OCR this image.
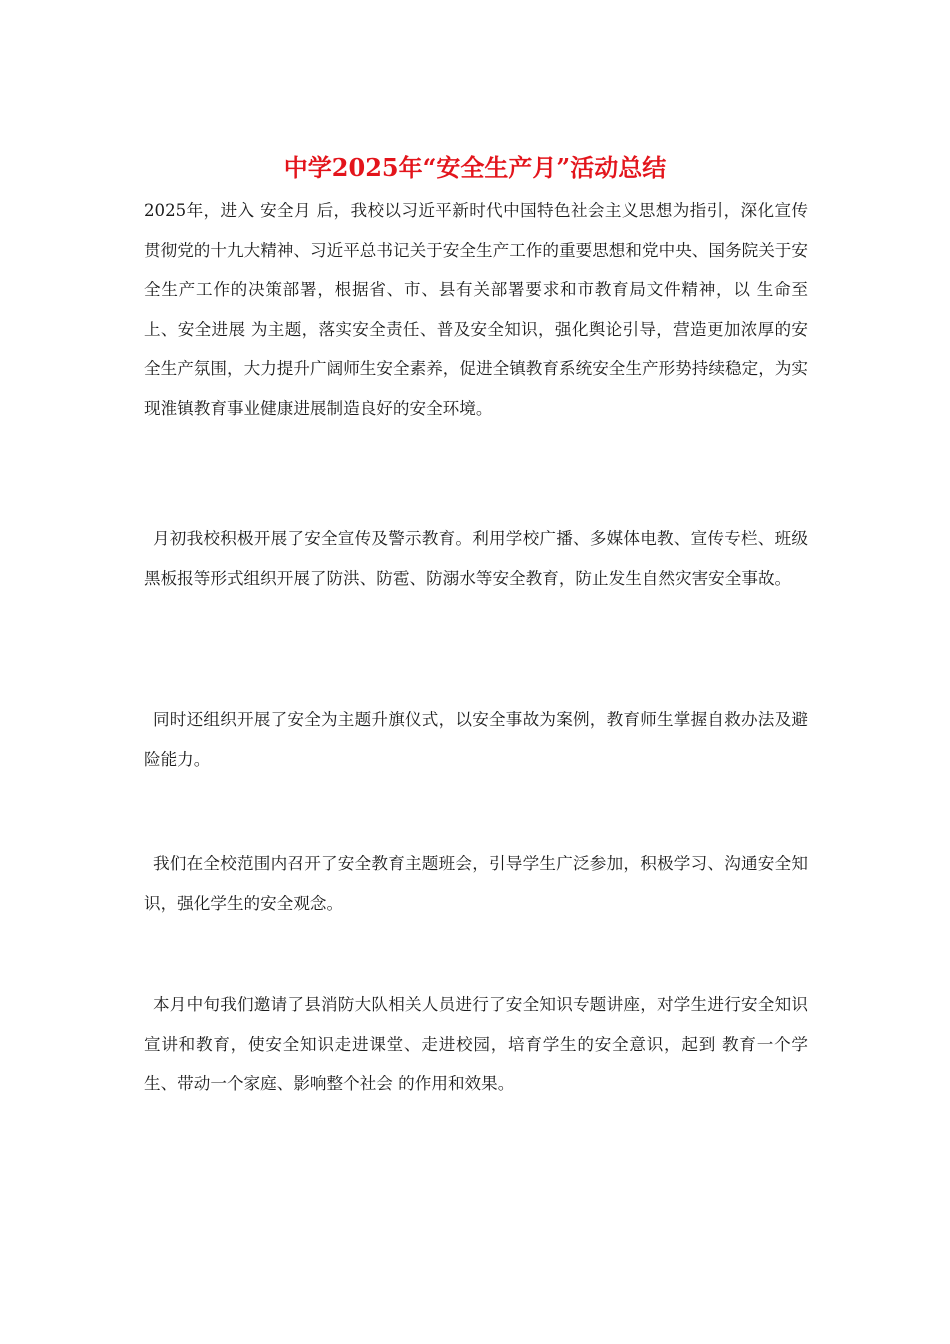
中学2025年“安全生产月”活动总结

2025年，进入 安全月 后，我校以习近平新时代中国特色社会主义思想为指引，深化宣传贯彻党的十九大精神、习近平总书记关于安全生产工作的重要思想和党中央、国务院关于安全生产工作的决策部署，根据省、市、县有关部署要求和市教育局文件精神，以 生命至上、安全进展 为主题，落实安全责任、普及安全知识，强化舆论引导，营造更加浓厚的安全生产氛围，大力提升广阔师生安全素养，促进全镇教育系统安全生产形势持续稳定，为实现淮镇教育事业健康进展制造良好的安全环境。

月初我校积极开展了安全宣传及警示教育。利用学校广播、多媒体电教、宣传专栏、班级黑板报等形式组织开展了防洪、防雹、防溺水等安全教育，防止发生自然灾害安全事故。

同时还组织开展了安全为主题升旗仪式，以安全事故为案例，教育师生掌握自救办法及避险能力。

我们在全校范围内召开了安全教育主题班会，引导学生广泛参加，积极学习、沟通安全知识，强化学生的安全观念。

本月中旬我们邀请了县消防大队相关人员进行了安全知识专题讲座，对学生进行安全知识宣讲和教育，使安全知识走进课堂、走进校园，培育学生的安全意识，起到 教育一个学生、带动一个家庭、影响整个社会 的作用和效果。
